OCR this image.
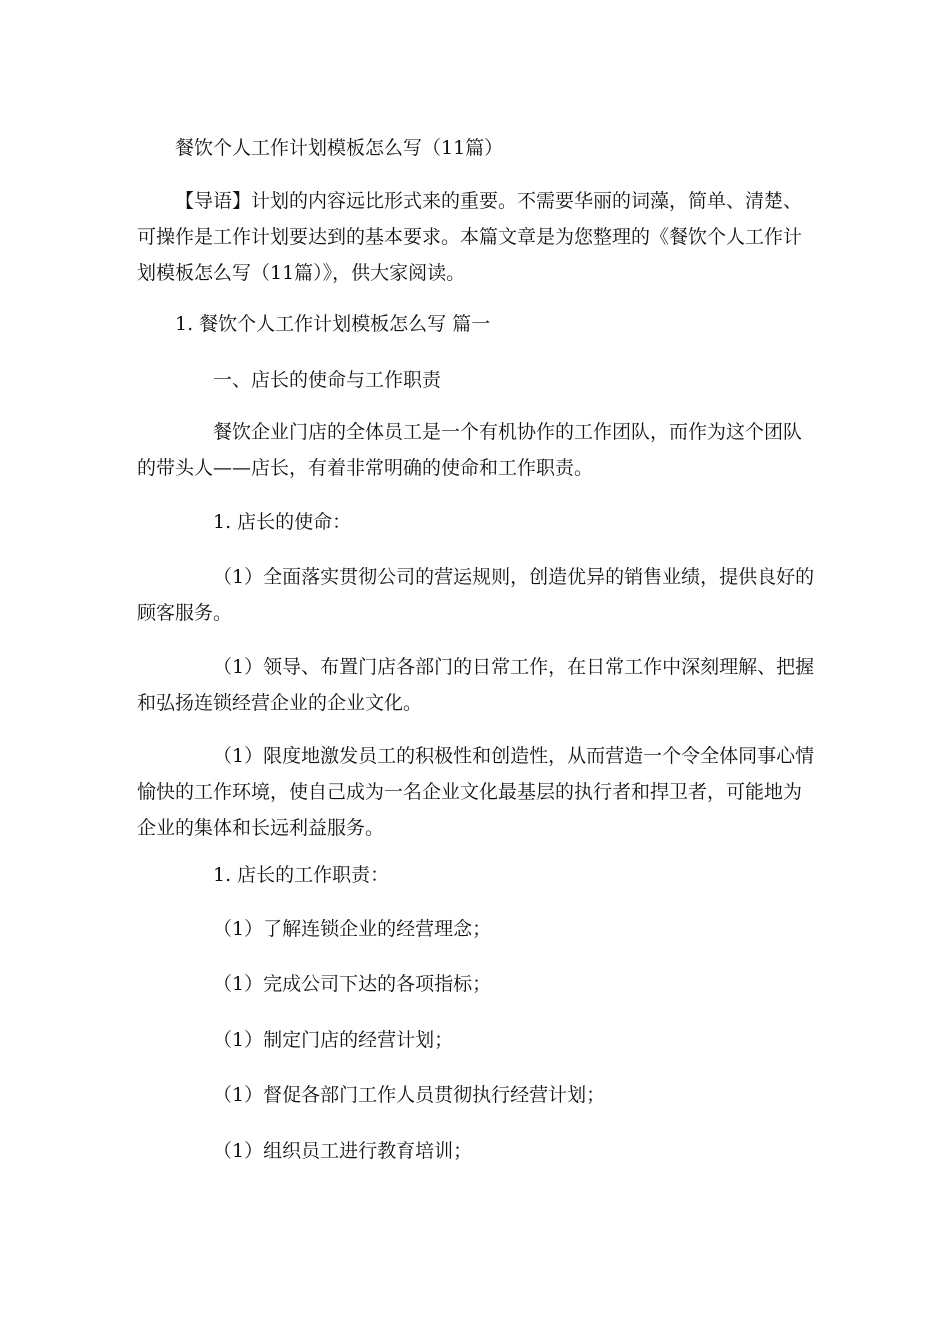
餐饮个人工作计划模板怎么写（11篇）

【导语】计划的内容远比形式来的重要。不需要华丽的词藻，简单、清楚、可操作是工作计划要达到的基本要求。本篇文章是为您整理的《餐饮个人工作计划模板怎么写（11篇）》，供大家阅读。

1. 餐饮个人工作计划模板怎么写 篇一

一、店长的使命与工作职责

餐饮企业门店的全体员工是一个有机协作的工作团队，而作为这个团队的带头人——店长，有着非常明确的使命和工作职责。

1. 店长的使命：

（1）全面落实贯彻公司的营运规则，创造优异的销售业绩，提供良好的顾客服务。

（1）领导、布置门店各部门的日常工作，在日常工作中深刻理解、把握和弘扬连锁经营企业的企业文化。

（1）限度地激发员工的积极性和创造性，从而营造一个令全体同事心情愉快的工作环境，使自己成为一名企业文化最基层的执行者和捍卫者，可能地为企业的集体和长远利益服务。

1. 店长的工作职责：

（1）了解连锁企业的经营理念；

（1）完成公司下达的各项指标；

（1）制定门店的经营计划；

（1）督促各部门工作人员贯彻执行经营计划；

（1）组织员工进行教育培训；
